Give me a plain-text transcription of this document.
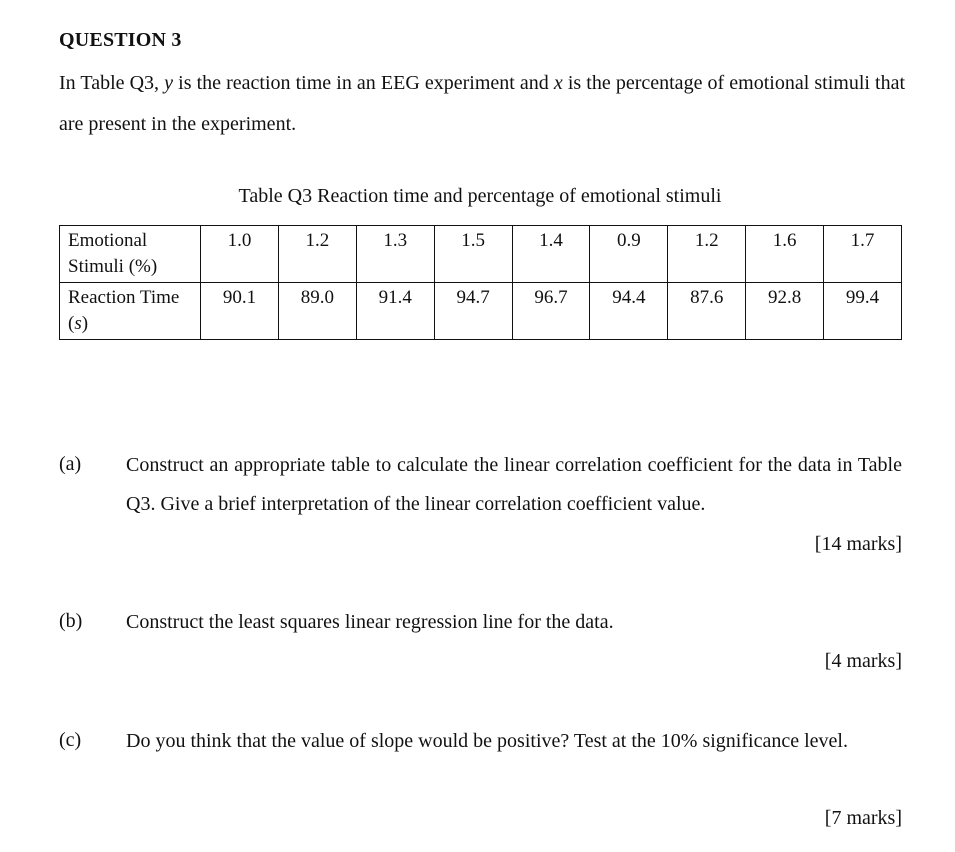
QUESTION 3
In Table Q3, y is the reaction time in an EEG experiment and x is the percentage of emotional stimuli that are present in the experiment.
Table Q3 Reaction time and percentage of emotional stimuli
Emotional Stimuli (%)	1.0	1.2	1.3	1.5	1.4	0.9	1.2	1.6	1.7
Reaction Time (s)	90.1	89.0	91.4	94.7	96.7	94.4	87.6	92.8	99.4
(a) Construct an appropriate table to calculate the linear correlation coefficient for the data in Table Q3. Give a brief interpretation of the linear correlation coefficient value.
[14 marks]
(b) Construct the least squares linear regression line for the data.
[4 marks]
(c) Do you think that the value of slope would be positive? Test at the 10% significance level.
[7 marks]
